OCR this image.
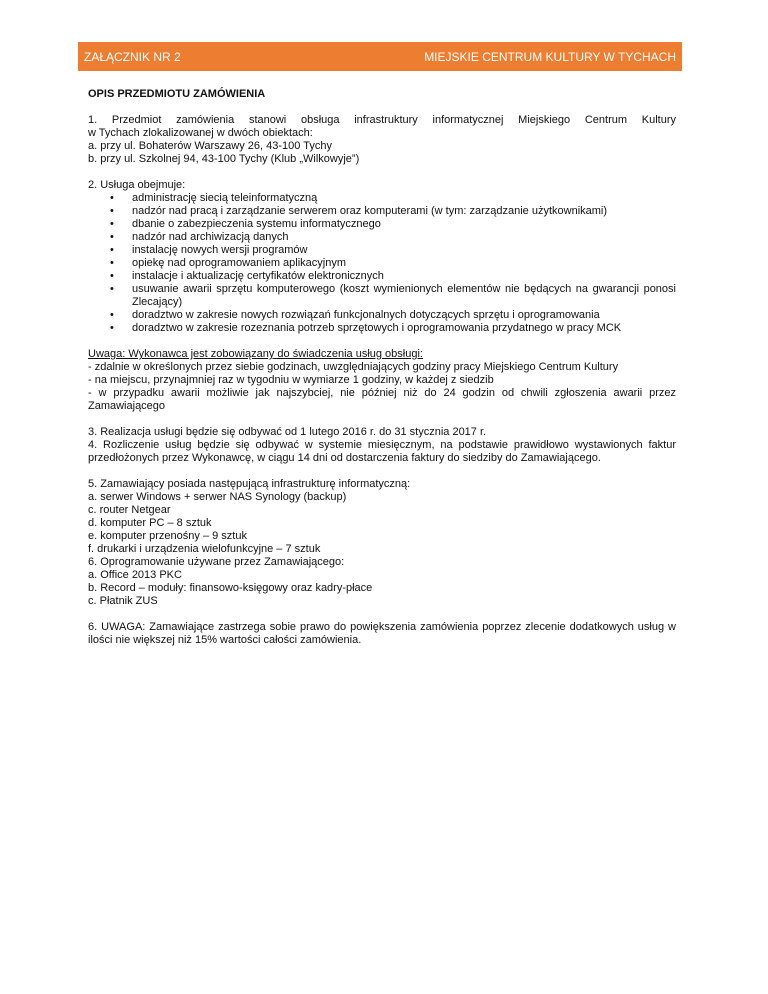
ZAŁĄCZNIK NR 2	MIEJSKIE CENTRUM KULTURY W TYCHACH

OPIS PRZEDMIOTU ZAMÓWIENIA

1. Przedmiot zamówienia stanowi obsługa infrastruktury informatycznej Miejskiego Centrum Kultury

w Tychach zlokalizowanej w dwóch obiektach:

a. przy ul. Bohaterów Warszawy 26, 43-100 Tychy

b. przy ul. Szkolnej 94, 43-100 Tychy (Klub „Wilkowyje”)

2. Usługa obejmuje:

• administrację siecią teleinformatyczną
• nadzór nad pracą i zarządzanie serwerem oraz komputerami (w tym: zarządzanie użytkownikami)
• dbanie o zabezpieczenia systemu informatycznego
• nadzór nad archiwizacją danych
• instalację nowych wersji programów
• opiekę nad oprogramowaniem aplikacyjnym
• instalacje i aktualizację certyfikatów elektronicznych
• usuwanie awarii sprzętu komputerowego (koszt wymienionych elementów nie będących na gwarancji ponosi Zlecający)
• doradztwo w zakresie nowych rozwiązań funkcjonalnych dotyczących sprzętu i oprogramowania
• doradztwo w zakresie rozeznania potrzeb sprzętowych i oprogramowania przydatnego w pracy MCK

Uwaga: Wykonawca jest zobowiązany do świadczenia usług obsługi:

- zdalnie w określonych przez siebie godzinach, uwzględniających godziny pracy Miejskiego Centrum Kultury

- na miejscu, przynajmniej raz w tygodniu w wymiarze 1 godziny, w każdej z siedzib

- w przypadku awarii możliwie jak najszybciej, nie później niż do 24 godzin od chwili zgłoszenia awarii przez Zamawiającego

3. Realizacja usługi będzie się odbywać od 1 lutego 2016 r. do 31 stycznia 2017 r.

4. Rozliczenie usług będzie się odbywać w systemie miesięcznym, na podstawie prawidłowo wystawionych faktur przedłożonych przez Wykonawcę, w ciągu 14 dni od dostarczenia faktury do siedziby do Zamawiającego.

5. Zamawiający posiada następującą infrastrukturę informatyczną:

a. serwer Windows + serwer NAS Synology (backup)

c. router Netgear

d. komputer PC – 8 sztuk

e. komputer przenośny – 9 sztuk

f. drukarki i urządzenia wielofunkcyjne – 7 sztuk

6. Oprogramowanie używane przez Zamawiającego:

a. Office 2013 PKC

b. Record – moduły: finansowo-księgowy oraz kadry-płace

c. Płatnik ZUS

6. UWAGA: Zamawiające zastrzega sobie prawo do powiększenia zamówienia poprzez zlecenie dodatkowych usług w ilości nie większej niż 15% wartości całości zamówienia.
